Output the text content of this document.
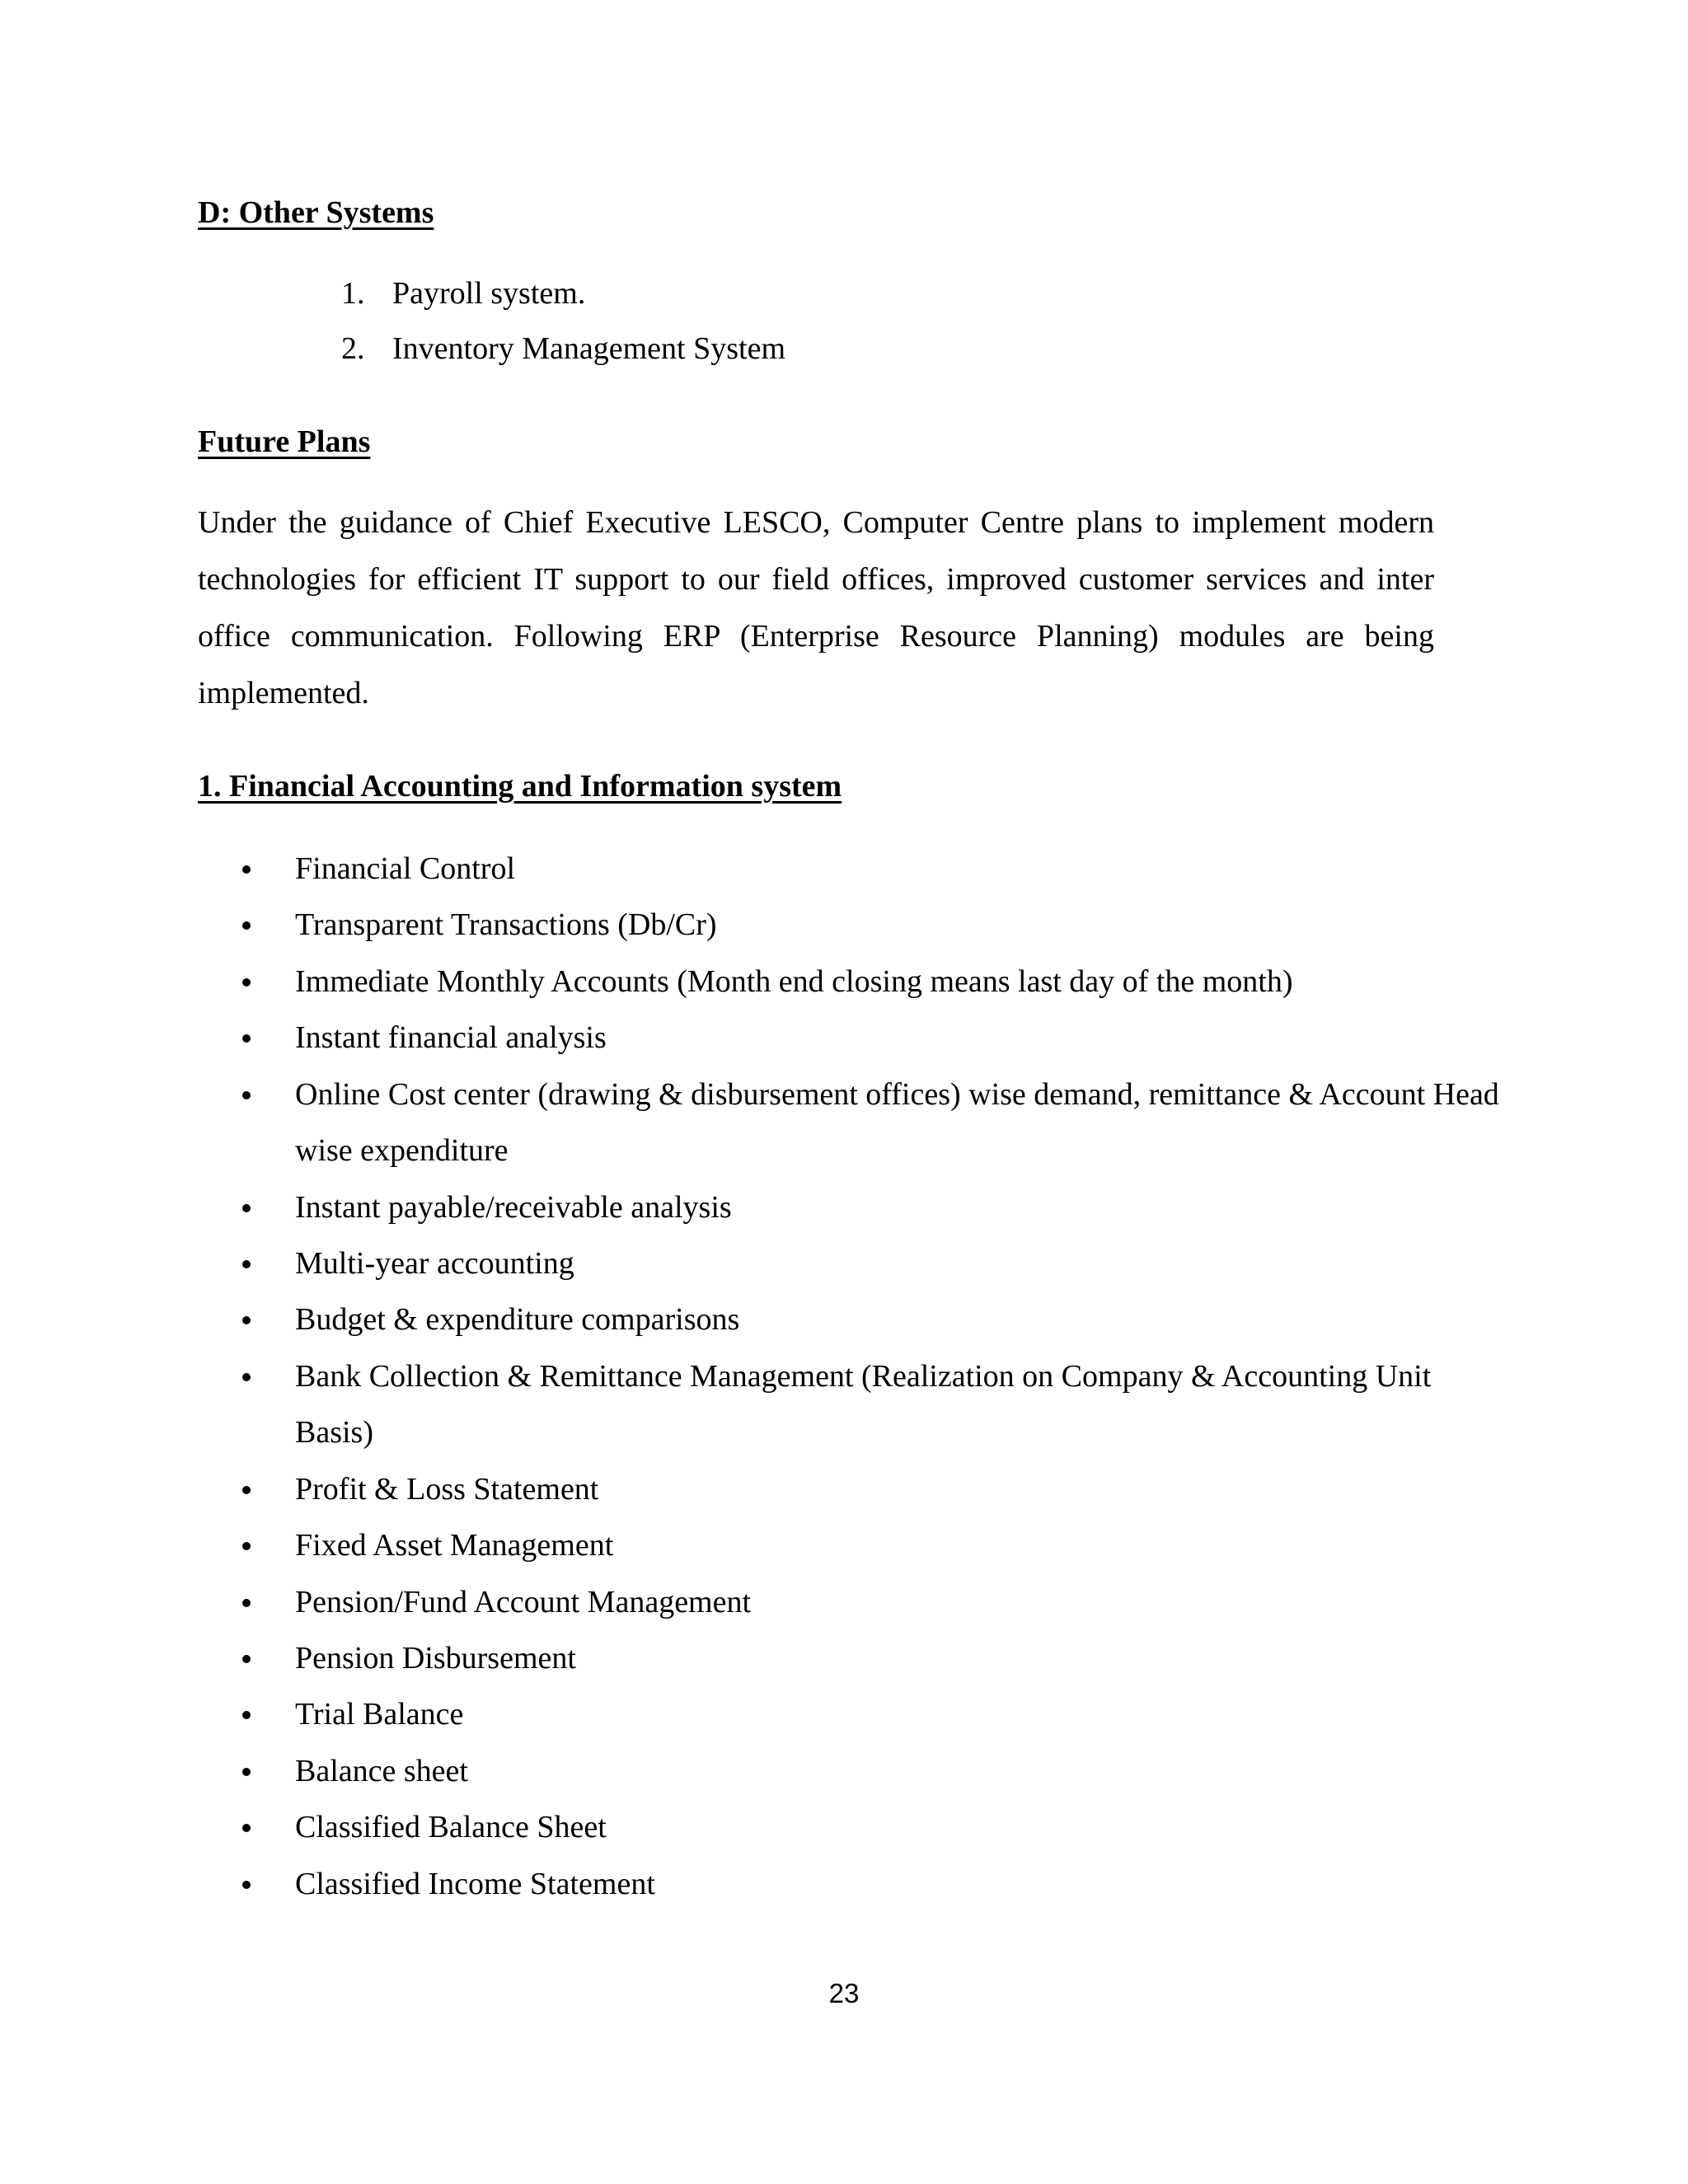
D: Other Systems
1. Payroll system.
2. Inventory Management System
Future Plans
Under the guidance of Chief Executive LESCO, Computer Centre plans to implement modern technologies for efficient IT support to our field offices, improved customer services and inter office communication. Following ERP (Enterprise Resource Planning) modules are being implemented.
1. Financial Accounting and Information system
Financial Control
Transparent Transactions (Db/Cr)
Immediate Monthly Accounts (Month end closing means last day of the month)
Instant financial analysis
Online Cost center (drawing & disbursement offices) wise demand, remittance & Account Head wise expenditure
Instant payable/receivable analysis
Multi-year accounting
Budget & expenditure comparisons
Bank Collection & Remittance Management (Realization on Company & Accounting Unit Basis)
Profit & Loss Statement
Fixed Asset Management
Pension/Fund Account Management
Pension Disbursement
Trial Balance
Balance sheet
Classified Balance Sheet
Classified Income Statement
23
